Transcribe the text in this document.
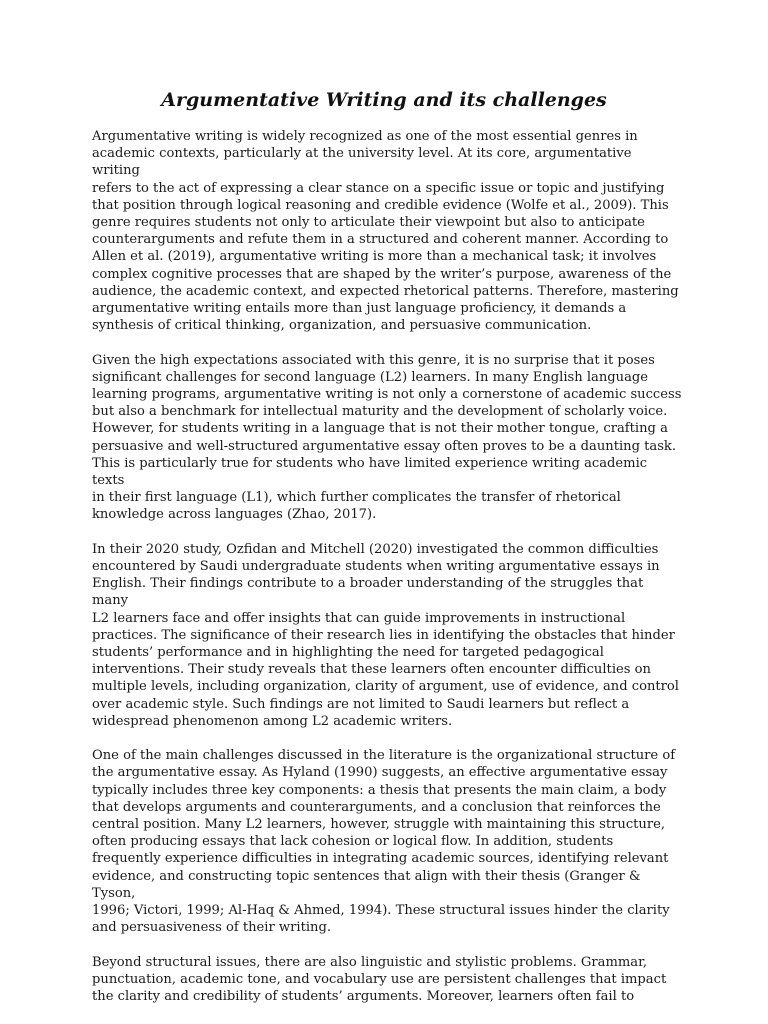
Argumentative Writing and its challenges

Argumentative writing is widely recognized as one of the most essential genres in
academic contexts, particularly at the university level. At its core, argumentative writing
refers to the act of expressing a clear stance on a specific issue or topic and justifying
that position through logical reasoning and credible evidence (Wolfe et al., 2009). This
genre requires students not only to articulate their viewpoint but also to anticipate
counterarguments and refute them in a structured and coherent manner. According to
Allen et al. (2019), argumentative writing is more than a mechanical task; it involves
complex cognitive processes that are shaped by the writer’s purpose, awareness of the
audience, the academic context, and expected rhetorical patterns. Therefore, mastering
argumentative writing entails more than just language proficiency, it demands a
synthesis of critical thinking, organization, and persuasive communication.

Given the high expectations associated with this genre, it is no surprise that it poses
significant challenges for second language (L2) learners. In many English language
learning programs, argumentative writing is not only a cornerstone of academic success
but also a benchmark for intellectual maturity and the development of scholarly voice.
However, for students writing in a language that is not their mother tongue, crafting a
persuasive and well-structured argumentative essay often proves to be a daunting task.
This is particularly true for students who have limited experience writing academic texts
in their first language (L1), which further complicates the transfer of rhetorical
knowledge across languages (Zhao, 2017).

In their 2020 study, Ozfidan and Mitchell (2020) investigated the common difficulties
encountered by Saudi undergraduate students when writing argumentative essays in
English. Their findings contribute to a broader understanding of the struggles that many
L2 learners face and offer insights that can guide improvements in instructional
practices. The significance of their research lies in identifying the obstacles that hinder
students’ performance and in highlighting the need for targeted pedagogical
interventions. Their study reveals that these learners often encounter difficulties on
multiple levels, including organization, clarity of argument, use of evidence, and control
over academic style. Such findings are not limited to Saudi learners but reflect a
widespread phenomenon among L2 academic writers.

One of the main challenges discussed in the literature is the organizational structure of
the argumentative essay. As Hyland (1990) suggests, an effective argumentative essay
typically includes three key components: a thesis that presents the main claim, a body
that develops arguments and counterarguments, and a conclusion that reinforces the
central position. Many L2 learners, however, struggle with maintaining this structure,
often producing essays that lack cohesion or logical flow. In addition, students
frequently experience difficulties in integrating academic sources, identifying relevant
evidence, and constructing topic sentences that align with their thesis (Granger & Tyson,
1996; Victori, 1999; Al-Haq & Ahmed, 1994). These structural issues hinder the clarity
and persuasiveness of their writing.

Beyond structural issues, there are also linguistic and stylistic problems. Grammar,
punctuation, academic tone, and vocabulary use are persistent challenges that impact
the clarity and credibility of students’ arguments. Moreover, learners often fail to
